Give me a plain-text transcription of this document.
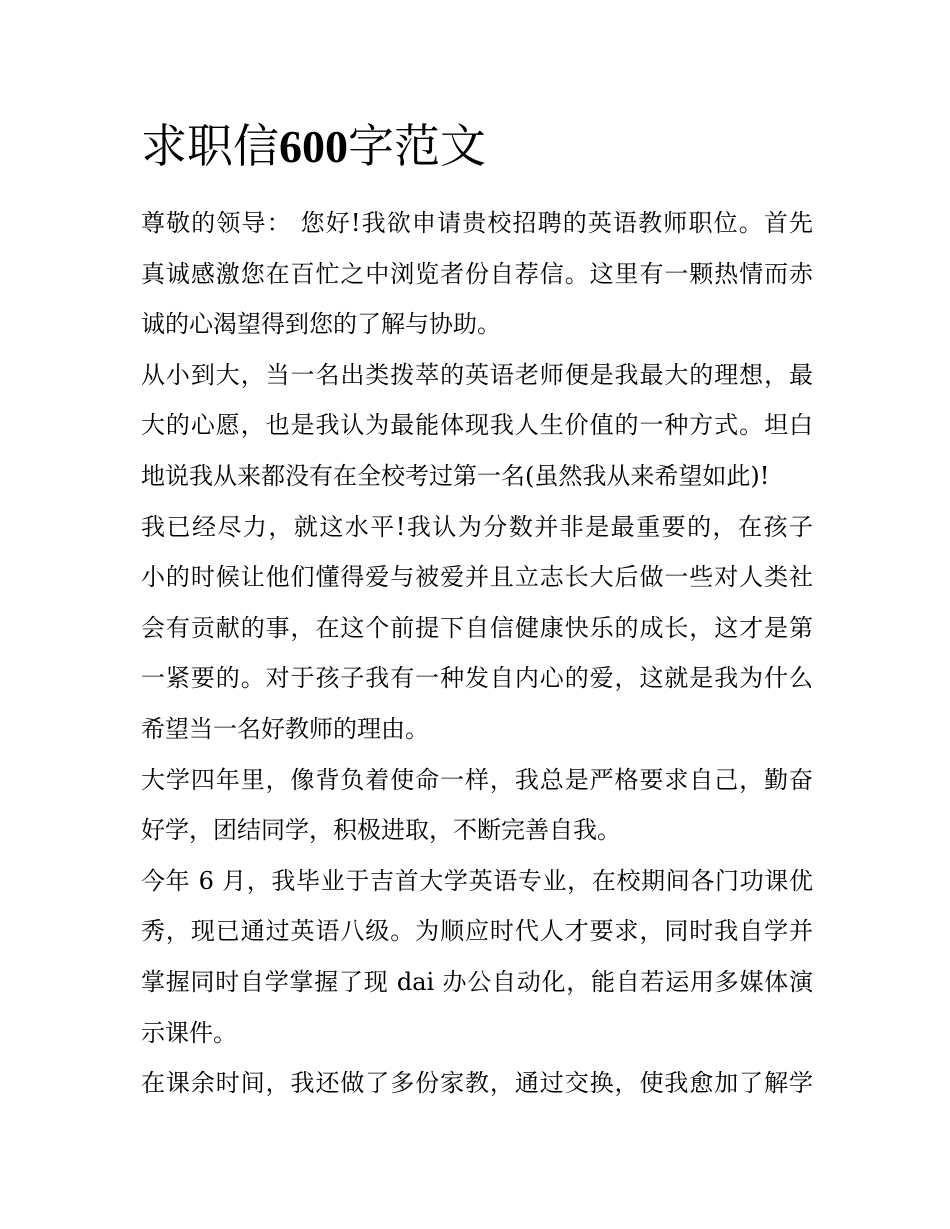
求职信600字范文
尊敬的领导： 您好!我欲申请贵校招聘的英语教师职位。首先
真诚感激您在百忙之中浏览者份自荐信。这里有一颗热情而赤
诚的心渴望得到您的了解与协助。
从小到大，当一名出类拨萃的英语老师便是我最大的理想，最
大的心愿，也是我认为最能体现我人生价值的一种方式。坦白
地说我从来都没有在全校考过第一名(虽然我从来希望如此)!
我已经尽力，就这水平!我认为分数并非是最重要的，在孩子
小的时候让他们懂得爱与被爱并且立志长大后做一些对人类社
会有贡献的事，在这个前提下自信健康快乐的成长，这才是第
一紧要的。对于孩子我有一种发自内心的爱，这就是我为什么
希望当一名好教师的理由。
大学四年里，像背负着使命一样，我总是严格要求自己，勤奋
好学，团结同学，积极进取，不断完善自我。
今年 6 月，我毕业于吉首大学英语专业，在校期间各门功课优
秀，现已通过英语八级。为顺应时代人才要求，同时我自学并
掌握同时自学掌握了现 dai 办公自动化，能自若运用多媒体演
示课件。
在课余时间，我还做了多份家教，通过交换，使我愈加了解学
